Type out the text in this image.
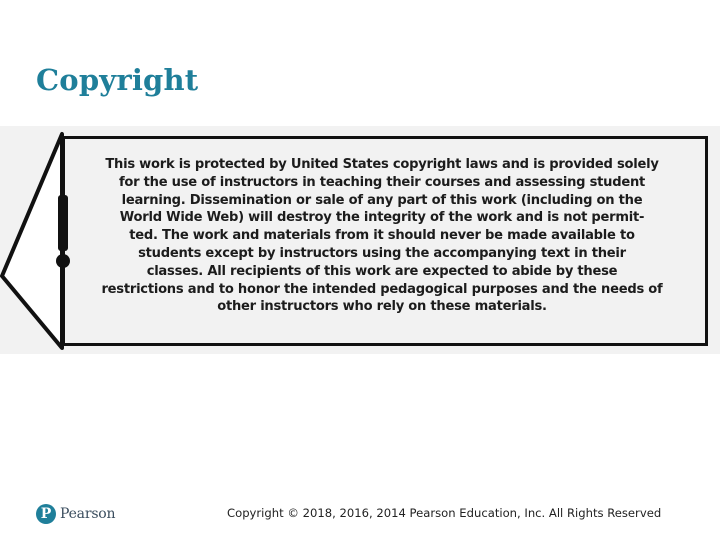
Copyright

This work is protected by United States copyright laws and is provided solely
for the use of instructors in teaching their courses and assessing student
learning. Dissemination or sale of any part of this work (including on the
World Wide Web) will destroy the integrity of the work and is not permit-
ted. The work and materials from it should never be made available to
students except by instructors using the accompanying text in their
classes. All recipients of this work are expected to abide by these
restrictions and to honor the intended pedagogical purposes and the needs of
other instructors who rely on these materials.

P Pearson	Copyright © 2018, 2016, 2014 Pearson Education, Inc. All Rights Reserved
